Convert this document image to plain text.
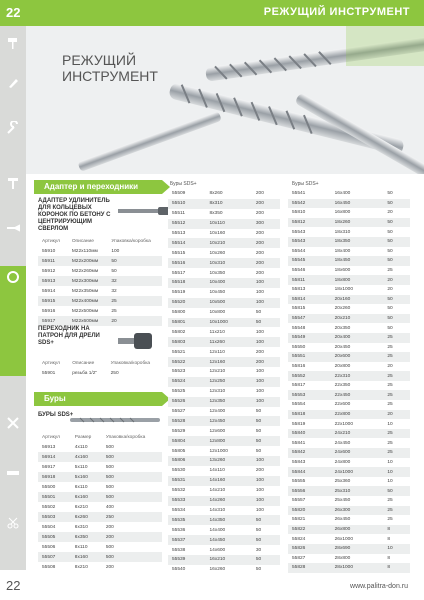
22	РЕЖУЩИЙ ИНСТРУМЕНТ
РЕЖУЩИЙ
ИНСТРУМЕНТ
Адаптер и переходники
АДАПТЕР УДЛИНИТЕЛЬ ДЛЯ КОЛЬЦЕВЫХ КОРОНОК ПО БЕТОНУ С ЦЕНТРИРУЮЩИМ СВЕРЛОМ
Артикул	Описание	Упаковка/коробка
55910	М22х110мм	100
55911	М22х200мм	50
55912	М22х260мм	50
55913	М22х300мм	32
55914	М22х350мм	32
55915	М22х400мм	25
55916	М22х500мм	25
55917	М22х600мм	20
ПЕРЕХОДНИК НА ПАТРОН ДЛЯ ДРЕЛИ SDS+
Артикул	Описание	Упаковка/коробка
55901	резьба 1/2"	250
Буры
БУРЫ SDS+
Артикул	Размер	Упаковка/коробка
56913	4х110	500
56914	4х160	500
56917	5х110	500
56918	5х160	500
55500	6х110	500
55501	6х160	500
55502	6х210	400
55503	6х260	250
55504	6х310	200
55505	6х350	200
55506	8х110	500
55507	8х160	500
55508	8х210	200
Буры SDS+
55509	8х260	200
55510	8х310	200
55511	8х350	200
55512	10х110	300
55513	10х160	200
55514	10х210	200
55515	10х260	200
55516	10х310	200
55517	10х350	200
55518	10х400	100
55519	10х450	100
55520	10х500	100
55800	10х800	50
55801	10х1000	50
55802	11х210	100
55803	11х260	100
55521	12х110	200
55522	12х160	200
55523	12х210	100
55524	12х250	100
55525	12х310	100
55526	12х350	100
55527	12х400	50
55528	12х450	50
55529	12х600	50
55804	12х800	50
55805	12х1000	50
55806	13х260	100
55530	14х110	200
55531	14х160	100
55532	14х210	100
55533	14х260	100
55534	14х310	100
55535	14х350	50
55536	14х400	50
55537	14х450	50
55538	14х600	30
55539	16х210	50
55540	16х260	50
Буры SDS+
55541	16х400	50
55542	16х450	50
55810	16х800	20
55812	18х260	50
55543	18х310	50
55543	18х350	50
55544	18х400	50
55545	18х450	50
55546	18х600	25
55811	18х800	20
55813	18х1000	20
55814	20х160	50
55815	20х260	50
55547	20х210	50
55548	20х350	50
55549	20х400	25
55550	20х450	25
55551	20х600	25
55816	20х800	20
55552	22х310	25
55817	22х350	25
55553	22х450	25
55554	22х600	25
55818	22х800	20
55819	22х1000	10
55840	24х210	25
55841	24х450	25
55842	24х600	25
55843	24х800	10
55844	24х1000	10
55555	25х360	10
55556	25х310	50
55557	25х450	25
55820	26х300	25
55821	26х450	25
55822	26х800	8
55824	26х1000	8
55826	28х690	10
55827	28х800	8
55828	28х1000	8
22	www.palitra-don.ru
